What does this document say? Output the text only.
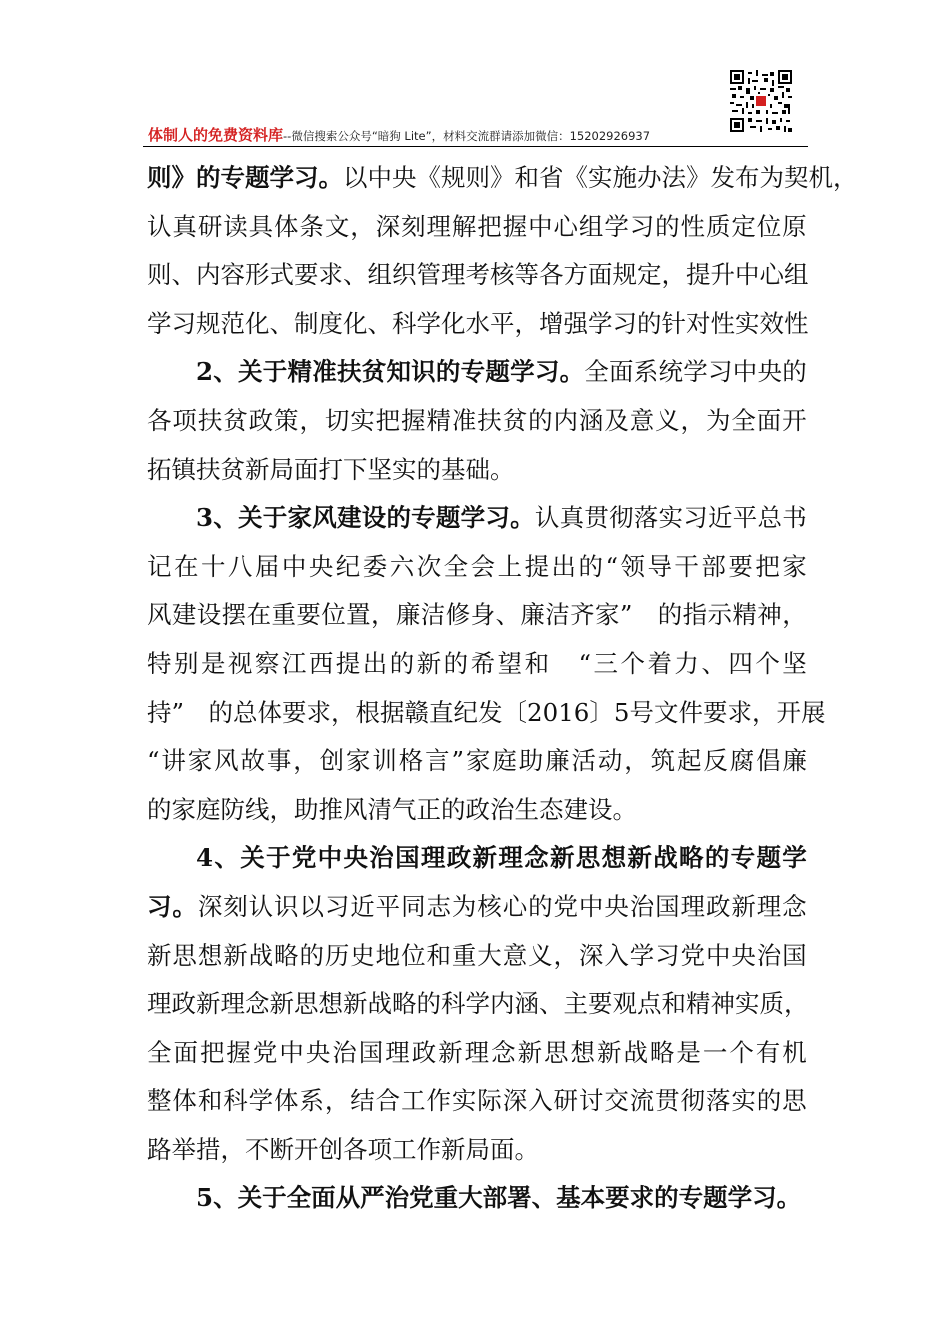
体制人的免费资料库--微信搜索公众号“暗狗 Lite”，材料交流群请添加微信：15202926937
则 》 的 专 题 学 习 。 以 中 央 《 规 则 》 和 省 《 实 施 办 法 》 发 布 为 契 机 ，
认 真 研 读 具 体 条 文 ， 深 刻 理 解 把 握 中 心 组 学 习 的 性 质 定 位 原
则 、 内 容 形 式 要 求 、 组 织 管 理 考 核 等 各 方 面 规 定 ， 提 升 中 心 组
学 习 规 范 化 、 制 度 化 、 科 学 化 水 平 ， 增 强 学 习 的 针 对 性 实 效 性
2 、 关 于 精 准 扶 贫 知 识 的 专 题 学 习 。 全 面 系 统 学 习 中 央 的
各 项 扶 贫 政 策 ， 切 实 把 握 精 准 扶 贫 的 内 涵 及 意 义 ， 为 全 面 开
拓 镇 扶 贫 新 局 面 打 下 坚 实 的 基 础 。
3 、 关 于 家 风 建 设 的 专 题 学 习 。 认 真 贯 彻 落 实 习 近 平 总 书
记 在 十 八 届 中 央 纪 委 六 次 全 会 上 提 出 的 “ 领 导 干 部 要 把 家
风 建 设 摆 在 重 要 位 置 ， 廉 洁 修 身 、 廉 洁 齐 家 ”
　 的 指 示 精 神 ，
特 别 是 视 察 江 西 提 出 的 新 的 希 望 和
　 “ 三 个 着 力 、 四 个 坚
持 ”
　 的 总 体 要 求 ， 根 据 赣 直 纪 发 〔 2016 〕 5 号 文 件 要 求 ， 开 展
“ 讲 家 风 故 事 ， 创 家 训 格 言 ” 家 庭 助 廉 活 动 ， 筑 起 反 腐 倡 廉
的 家 庭 防 线 ， 助 推 风 清 气 正 的 政 治 生 态 建 设 。
4 、 关 于 党 中 央 治 国 理 政 新 理 念 新 思 想 新 战 略 的 专 题 学
习 。 深 刻 认 识 以 习 近 平 同 志 为 核 心 的 党 中 央 治 国 理 政 新 理 念
新 思 想 新 战 略 的 历 史 地 位 和 重 大 意 义 ， 深 入 学 习 党 中 央 治 国
理 政 新 理 念 新 思 想 新 战 略 的 科 学 内 涵 、 主 要 观 点 和 精 神 实 质 ，
全 面 把 握 党 中 央 治 国 理 政 新 理 念 新 思 想 新 战 略 是 一 个 有 机
整 体 和 科 学 体 系 ， 结 合 工 作 实 际 深 入 研 讨 交 流 贯 彻 落 实 的 思
路 举 措 ， 不 断 开 创 各 项 工 作 新 局 面 。
5 、 关 于 全 面 从 严 治 党 重 大 部 署 、 基 本 要 求 的 专 题 学 习 。
